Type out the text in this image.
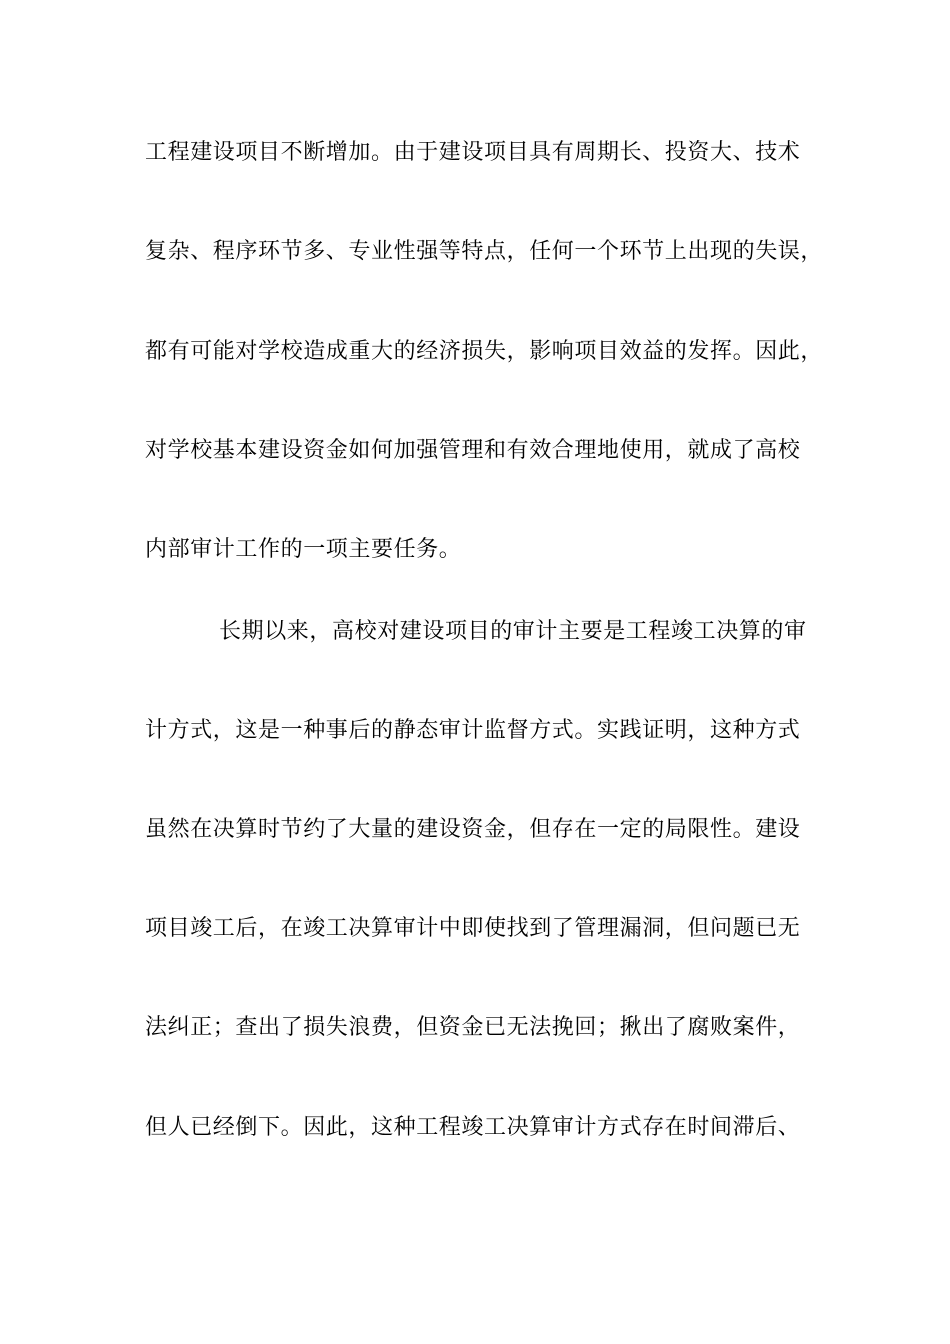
工程建设项目不断增加。由于建设项目具有周期长、投资大、技术
复杂、程序环节多、专业性强等特点，任何一个环节上出现的失误，
都有可能对学校造成重大的经济损失，影响项目效益的发挥。因此，
对学校基本建设资金如何加强管理和有效合理地使用，就成了高校
内部审计工作的一项主要任务。
长期以来，高校对建设项目的审计主要是工程竣工决算的审
计方式，这是一种事后的静态审计监督方式。实践证明，这种方式
虽然在决算时节约了大量的建设资金，但存在一定的局限性。建设
项目竣工后，在竣工决算审计中即使找到了管理漏洞，但问题已无
法纠正；查出了损失浪费，但资金已无法挽回；揪出了腐败案件，
但人已经倒下。因此，这种工程竣工决算审计方式存在时间滞后、
